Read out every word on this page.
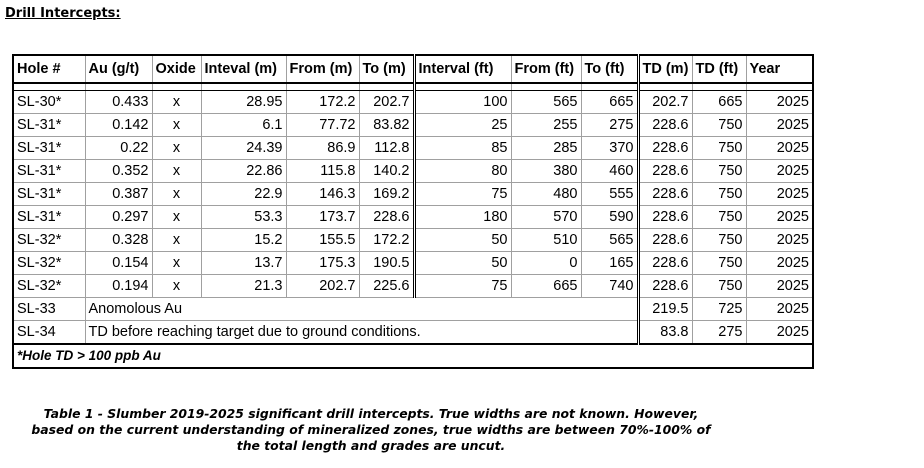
Drill Intercepts:
Hole #	Au (g/t)	Oxide	Inteval (m)	From (m)	To (m)	Interval (ft)	From (ft)	To (ft)	TD (m)	TD (ft)	Year

SL-30*	0.433	x	28.95	172.2	202.7	100	565	665	202.7	665	2025
SL-31*	0.142	x	6.1	77.72	83.82	25	255	275	228.6	750	2025
SL-31*	0.22	x	24.39	86.9	112.8	85	285	370	228.6	750	2025
SL-31*	0.352	x	22.86	115.8	140.2	80	380	460	228.6	750	2025
SL-31*	0.387	x	22.9	146.3	169.2	75	480	555	228.6	750	2025
SL-31*	0.297	x	53.3	173.7	228.6	180	570	590	228.6	750	2025
SL-32*	0.328	x	15.2	155.5	172.2	50	510	565	228.6	750	2025
SL-32*	0.154	x	13.7	175.3	190.5	50	0	165	228.6	750	2025
SL-32*	0.194	x	21.3	202.7	225.6	75	665	740	228.6	750	2025
SL-33	Anomolous Au								219.5	725	2025
SL-34	TD before reaching target due to ground conditions.								83.8	275	2025
*Hole TD > 100 ppb Au											
Table 1 - Slumber 2019-2025 significant drill intercepts. True widths are not known. However,
based on the current understanding of mineralized zones, true widths are between 70%-100% of
the total length and grades are uncut.
